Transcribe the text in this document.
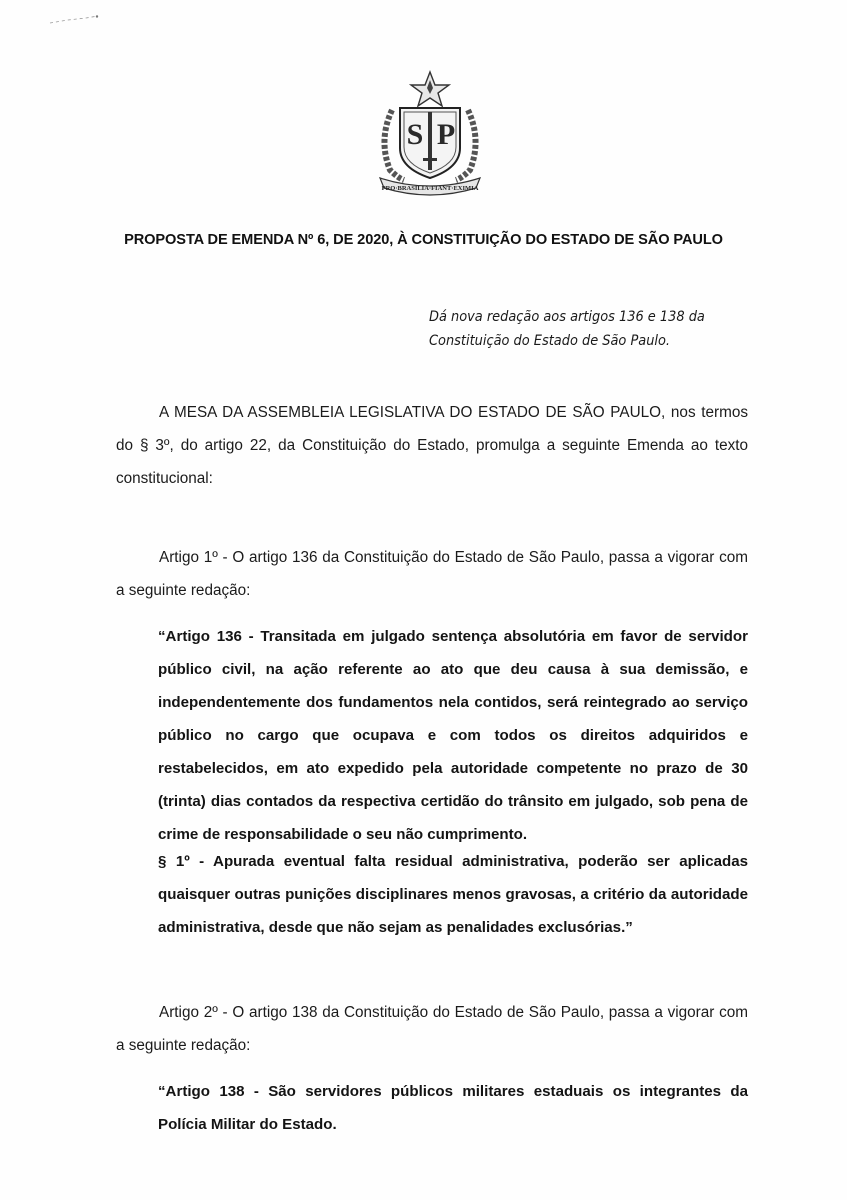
S P
PRO·BRASILIA·FIANT·EXIMIA
PROPOSTA DE EMENDA Nº 6, DE 2020, À CONSTITUIÇÃO DO ESTADO DE SÃO PAULO
Dá nova redação aos artigos 136 e 138 da Constituição do Estado de São Paulo.
A MESA DA ASSEMBLEIA LEGISLATIVA DO ESTADO DE SÃO PAULO, nos termos do § 3º, do artigo 22, da Constituição do Estado, promulga a seguinte Emenda ao texto constitucional:
Artigo 1º - O artigo 136 da Constituição do Estado de São Paulo, passa a vigorar com a seguinte redação:
“Artigo 136 - Transitada em julgado sentença absolutória em favor de servidor público civil, na ação referente ao ato que deu causa à sua demissão, e independentemente dos fundamentos nela contidos, será reintegrado ao serviço público no cargo que ocupava e com todos os direitos adquiridos e restabelecidos, em ato expedido pela autoridade competente no prazo de 30 (trinta) dias contados da respectiva certidão do trânsito em julgado, sob pena de crime de responsabilidade o seu não cumprimento.
§ 1º - Apurada eventual falta residual administrativa, poderão ser aplicadas quaisquer outras punições disciplinares menos gravosas, a critério da autoridade administrativa, desde que não sejam as penalidades exclusórias.”
Artigo 2º - O artigo 138 da Constituição do Estado de São Paulo, passa a vigorar com a seguinte redação:
“Artigo 138 - São servidores públicos militares estaduais os integrantes da Polícia Militar do Estado.
